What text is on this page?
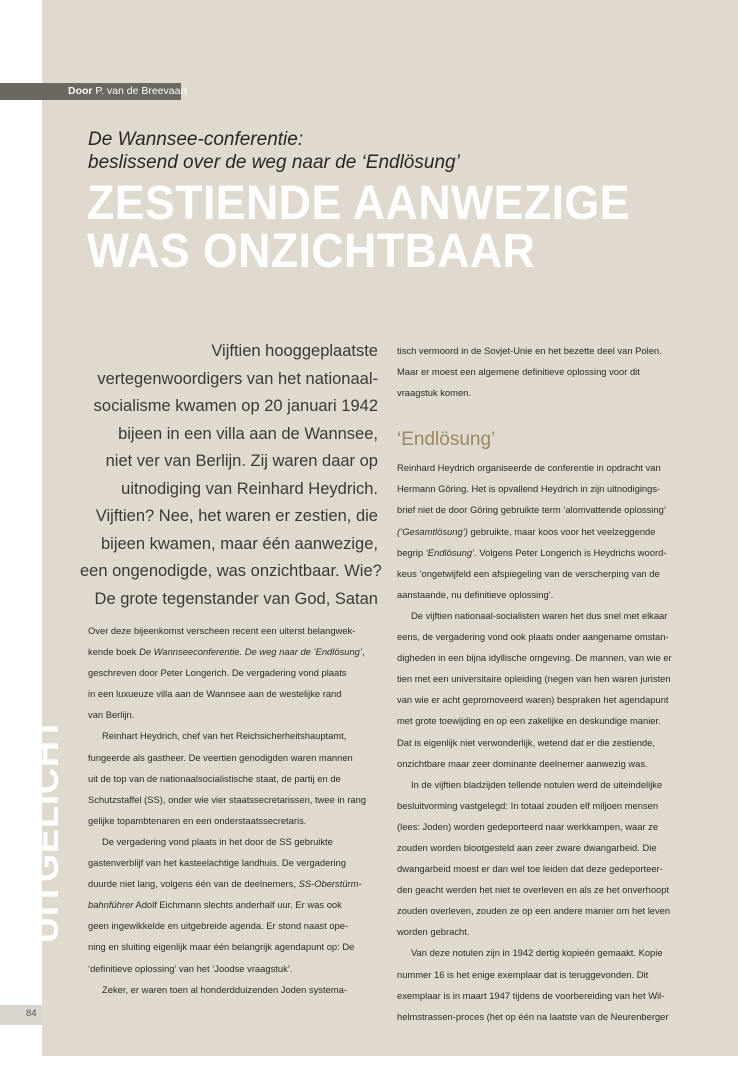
Door P. van de Breevaart
De Wannsee-conferentie:
beslissend over de weg naar de ‘Endlösung’
ZESTIENDE AANWEZIGE
WAS ONZICHTBAAR
Vijftien hooggeplaatste
vertegenwoordigers van het nationaal-
socialisme kwamen op 20 januari 1942
bijeen in een villa aan de Wannsee,
niet ver van Berlijn. Zij waren daar op
uitnodiging van Reinhard Heydrich.
Vijftien? Nee, het waren er zestien, die
bijeen kwamen, maar één aanwezige,
een ongenodigde, was onzichtbaar. Wie?
De grote tegenstander van God, Satan

Over deze bijeenkomst verscheen recent een uiterst belangwek-
kende boek De Wannseeconferentie. De weg naar de ‘Endlösung’,
geschreven door Peter Longerich. De vergadering vond plaats
in een luxueuze villa aan de Wannsee aan de westelijke rand
van Berlijn.

Reinhart Heydrich, chef van het Reichsicherheitshauptamt,
fungeerde als gastheer. De veertien genodigden waren mannen
uit de top van de nationaalsocialistische staat, de partij en de
Schutzstaffel (SS), onder wie vier staatssecretarissen, twee in rang
gelijke topambtenaren en een onderstaatssecretaris.

De vergadering vond plaats in het door de SS gebruikte
gastenverblijf van het kasteelachtige landhuis. De vergadering
duurde niet lang, volgens één van de deelnemers, SS-Oberstürm-
bahnführer Adolf Eichmann slechts anderhalf uur. Er was ook
geen ingewikkelde en uitgebreide agenda. Er stond naast ope-
ning en sluiting eigenlijk maar één belangrijk agendapunt op: De
‘definitieve oplossing’ van het ‘Joodse vraagstuk’.

Zeker, er waren toen al honderdduizenden Joden systema-

tisch vermoord in de Sovjet-Unie en het bezette deel van Polen.
Maar er moest een algemene definitieve oplossing voor dit
vraagstuk komen.

‘Endlösung’

Reinhard Heydrich organiseerde de conferentie in opdracht van
Hermann Göring. Het is opvallend Heydrich in zijn uitnodigings-
brief niet de door Göring gebruikte term ‘alomvattende oplossing’
(‘Gesamtlösung’) gebruikte, maar koos voor het veelzeggende
begrip ‘Endlösung’. Volgens Peter Longerich is Heydrichs woord-
keus ‘ongetwijfeld een afspiegeling van de verscherping van de
aanstaande, nu definitieve oplossing’.

De vijftien nationaal-socialisten waren het dus snel met elkaar
eens, de vergadering vond ook plaats onder aangename omstan-
digheden in een bijna idyllische omgeving. De mannen, van wie er
tien met een universitaire opleiding (negen van hen waren juristen
van wie er acht gepromoveerd waren) bespraken het agendapunt
met grote toewijding en op een zakelijke en deskundige manier.
Dat is eigenlijk niet verwonderlijk, wetend dat er die zestiende,
onzichtbare maar zeer dominante deelnemer aanwezig was.

In de vijftien bladzijden tellende notulen werd de uiteindelijke
besluitvorming vastgelegd: In totaal zouden elf miljoen mensen
(lees: Joden) worden gedeporteerd naar werkkampen, waar ze
zouden worden blootgesteld aan zeer zware dwangarbeid. Die
dwangarbeid moest er dan wel toe leiden dat deze gedeporteer-
den geacht werden het niet te overleven en als ze het onverhoopt
zouden overleven, zouden ze op een andere manier om het leven
worden gebracht.

Van deze notulen zijn in 1942 dertig kopieën gemaakt. Kopie
nummer 16 is het enige exemplaar dat is teruggevonden. Dit
exemplaar is in maart 1947 tijdens de voorbereiding van het Wil-
helmstrassen-proces (het op één na laatste van de Neurenberger

UITGELICHT
84
